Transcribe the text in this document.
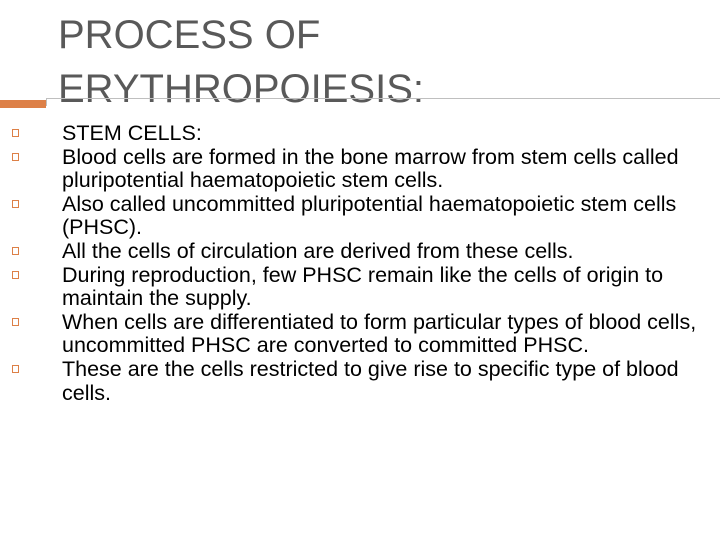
PROCESS OF
ERYTHROPOIESIS:
STEM CELLS:
Blood cells are formed in the bone marrow from stem cells called pluripotential haematopoietic stem cells.
Also called uncommitted pluripotential haematopoietic stem cells (PHSC).
All the cells of circulation are derived from these cells.
During reproduction, few PHSC remain like the cells of origin to maintain the supply.
When cells are differentiated to form particular types of blood cells, uncommitted PHSC are converted to committed PHSC.
These are the cells restricted to give rise to specific type of blood cells.
